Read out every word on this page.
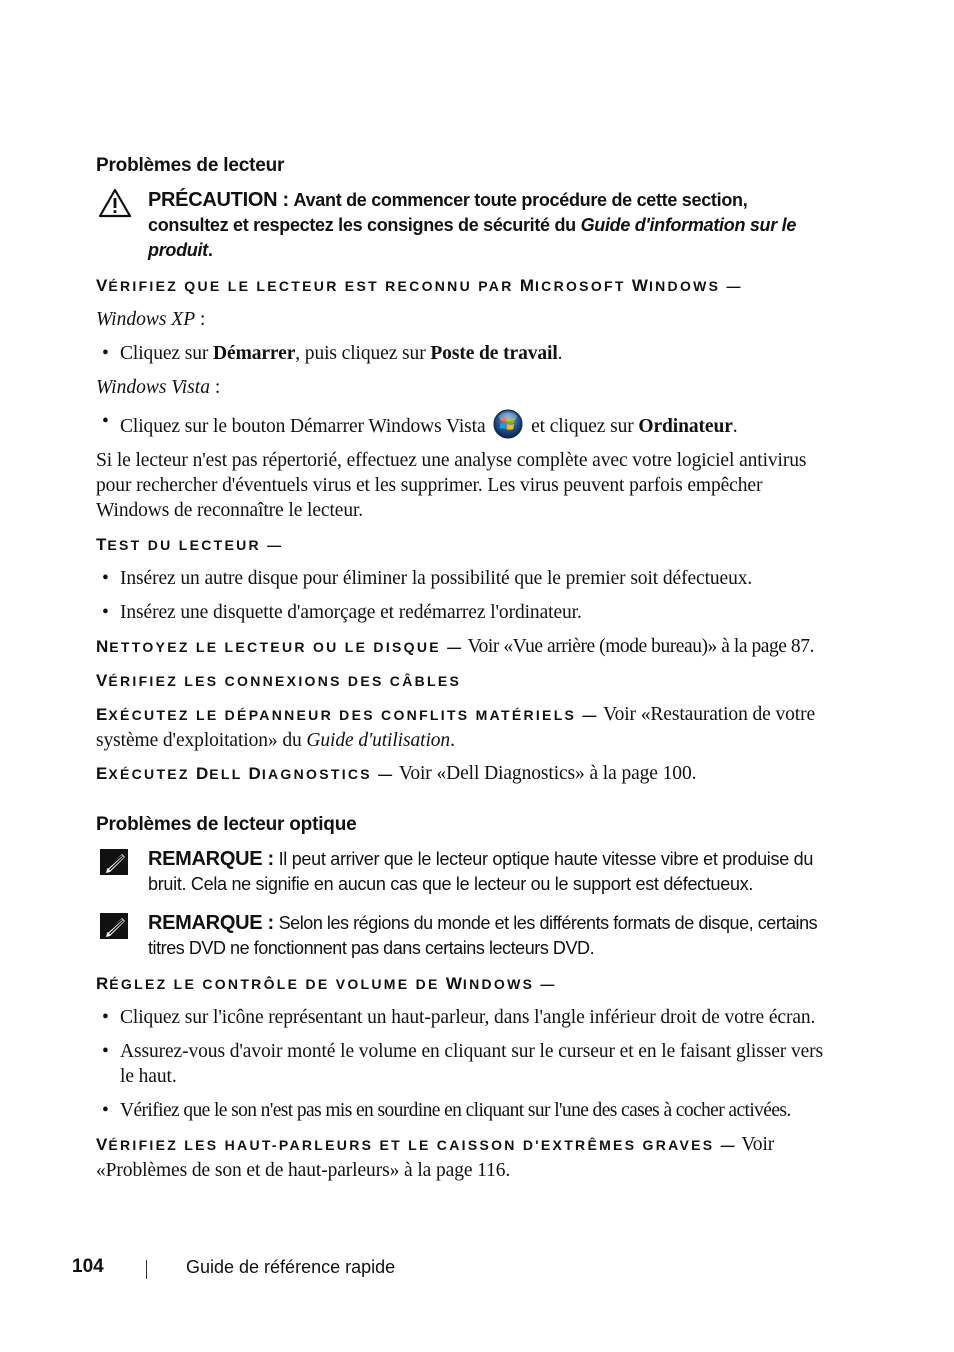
Problèmes de lecteur
PRÉCAUTION : Avant de commencer toute procédure de cette section, consultez et respectez les consignes de sécurité du Guide d'information sur le produit.
VÉRIFIEZ QUE LE LECTEUR EST RECONNU PAR MICROSOFT WINDOWS —
Windows XP :
• Cliquez sur Démarrer, puis cliquez sur Poste de travail.
Windows Vista :
• Cliquez sur le bouton Démarrer Windows Vista  et cliquez sur Ordinateur.

Si le lecteur n'est pas répertorié, effectuez une analyse complète avec votre logiciel antivirus pour rechercher d'éventuels virus et les supprimer. Les virus peuvent parfois empêcher Windows de reconnaître le lecteur.

TEST DU LECTEUR —
• Insérez un autre disque pour éliminer la possibilité que le premier soit défectueux.
• Insérez une disquette d'amorçage et redémarrez l'ordinateur.
NETTOYEZ LE LECTEUR OU LE DISQUE — Voir «Vue arrière (mode bureau)» à la page 87.
VÉRIFIEZ LES CONNEXIONS DES CÂBLES
EXÉCUTEZ LE DÉPANNEUR DES CONFLITS MATÉRIELS — Voir «Restauration de votre système d'exploitation» du Guide d'utilisation.
EXÉCUTEZ DELL DIAGNOSTICS — Voir «Dell Diagnostics» à la page 100.
Problèmes de lecteur optique
REMARQUE : Il peut arriver que le lecteur optique haute vitesse vibre et produise du bruit. Cela ne signifie en aucun cas que le lecteur ou le support est défectueux.
REMARQUE : Selon les régions du monde et les différents formats de disque, certains titres DVD ne fonctionnent pas dans certains lecteurs DVD.
RÉGLEZ LE CONTRÔLE DE VOLUME DE WINDOWS —
• Cliquez sur l'icône représentant un haut-parleur, dans l'angle inférieur droit de votre écran.
• Assurez-vous d'avoir monté le volume en cliquant sur le curseur et en le faisant glisser vers le haut.
• Vérifiez que le son n'est pas mis en sourdine en cliquant sur l'une des cases à cocher activées.
VÉRIFIEZ LES HAUT-PARLEURS ET LE CAISSON D'EXTRÊMES GRAVES — Voir «Problèmes de son et de haut-parleurs» à la page 116.
104	Guide de référence rapide
